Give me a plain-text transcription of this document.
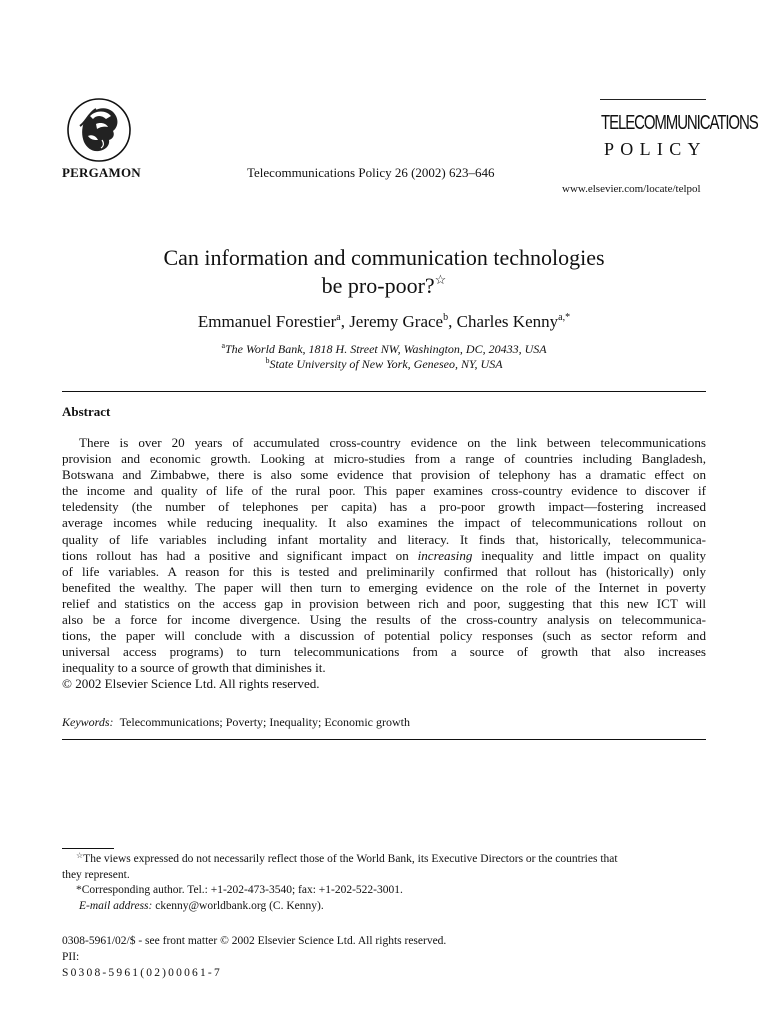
PERGAMON	Telecommunications Policy 26 (2002) 623–646
TELECOMMUNICATIONS
POLICY
www.elsevier.com/locate/telpol
Can information and communication technologies
be pro-poor?☆
Emmanuel Forestier$^a$, Jeremy Grace$^b$, Charles Kenny$^{a,*}$
$^a$The World Bank, 1818 H. Street NW, Washington, DC, 20433, USA
$^b$State University of New York, Geneseo, NY, USA
Abstract
There is over 20 years of accumulated cross-country evidence on the link between telecommunications
provision and economic growth. Looking at micro-studies from a range of countries including Bangladesh,
Botswana and Zimbabwe, there is also some evidence that provision of telephony has a dramatic effect on
the income and quality of life of the rural poor. This paper examines cross-country evidence to discover if
teledensity (the number of telephones per capita) has a pro-poor growth impact—fostering increased
average incomes while reducing inequality. It also examines the impact of telecommunications rollout on
quality of life variables including infant mortality and literacy. It finds that, historically, telecommunica-
tions rollout has had a positive and significant impact on increasing inequality and little impact on quality
of life variables. A reason for this is tested and preliminarily confirmed that rollout has (historically) only
benefited the wealthy. The paper will then turn to emerging evidence on the role of the Internet in poverty
relief and statistics on the access gap in provision between rich and poor, suggesting that this new ICT will
also be a force for income divergence. Using the results of the cross-country analysis on telecommunica-
tions, the paper will conclude with a discussion of potential policy responses (such as sector reform and
universal access programs) to turn telecommunications from a source of growth that also increases
inequality to a source of growth that diminishes it.
© 2002 Elsevier Science Ltd. All rights reserved.
Keywords: Telecommunications; Poverty; Inequality; Economic growth
☆The views expressed do not necessarily reflect those of the World Bank, its Executive Directors or the countries that
they represent.
*Corresponding author. Tel.: +1-202-473-3540; fax: +1-202-522-3001.
E-mail address: ckenny@worldbank.org (C. Kenny).
0308-5961/02/$ - see front matter © 2002 Elsevier Science Ltd. All rights reserved.
PII:
S0308-5961(02)00061-7
